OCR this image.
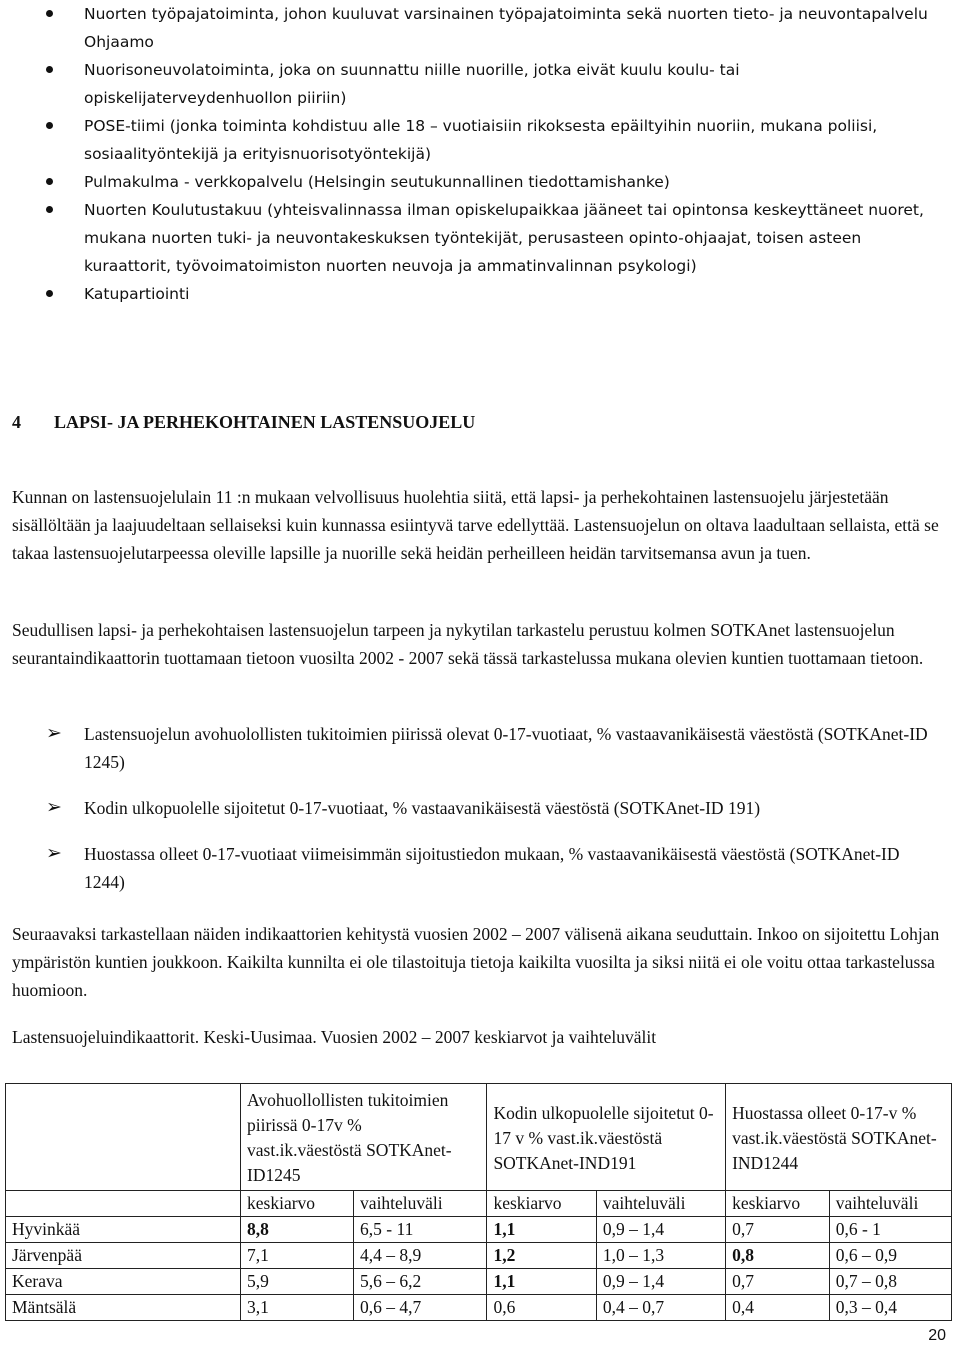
Nuorten työpajatoiminta, johon kuuluvat varsinainen työpajatoiminta sekä nuorten tieto- ja neuvontapalvelu Ohjaamo
Nuorisoneuvolatoiminta, joka on suunnattu niille nuorille, jotka eivät kuulu koulu- tai opiskelijaterveydenhuollon piiriin)
POSE-tiimi (jonka toiminta kohdistuu alle 18 – vuotiaisiin rikoksesta epäiltyihin nuoriin, mukana poliisi, sosiaalityöntekijä ja erityisnuorisotyöntekijä)
Pulmakulma - verkkopalvelu (Helsingin seutukunnallinen tiedottamishanke)
Nuorten Koulutustakuu (yhteisvalinnassa ilman opiskelupaikkaa jääneet tai opintonsa keskeyttäneet nuoret, mukana nuorten tuki- ja neuvontakeskuksen työntekijät, perusasteen opinto-ohjaajat, toisen asteen kuraattorit, työvoimatoimiston nuorten neuvoja ja ammatinvalinnan psykologi)
Katupartiointi
4 LAPSI- JA PERHEKOHTAINEN LASTENSUOJELU

Kunnan on lastensuojelulain 11 :n mukaan velvollisuus huolehtia siitä, että lapsi- ja perhekohtainen lastensuojelu järjestetään sisällöltään ja laajuudeltaan sellaiseksi kuin kunnassa esiintyvä tarve edellyttää. Lastensuojelun on oltava laadultaan sellaista, että se takaa lastensuojelutarpeessa oleville lapsille ja nuorille sekä heidän perheilleen heidän tarvitsemansa avun ja tuen.

Seudullisen lapsi- ja perhekohtaisen lastensuojelun tarpeen ja nykytilan tarkastelu perustuu kolmen SOTKAnet lastensuojelun seurantaindikaattorin tuottamaan tietoon vuosilta 2002 - 2007 sekä tässä tarkastelussa mukana olevien kuntien tuottamaan tietoon.

➢ Lastensuojelun avohuolollisten tukitoimien piirissä olevat 0-17-vuotiaat, % vastaavanikäisestä väestöstä (SOTKAnet-ID 1245)
➢ Kodin ulkopuolelle sijoitetut 0-17-vuotiaat, % vastaavanikäisestä väestöstä (SOTKAnet-ID 191)
➢ Huostassa olleet 0-17-vuotiaat viimeisimmän sijoitustiedon mukaan, % vastaavanikäisestä väestöstä (SOTKAnet-ID 1244)

Seuraavaksi tarkastellaan näiden indikaattorien kehitystä vuosien 2002 – 2007 välisenä aikana seuduttain. Inkoo on sijoitettu Lohjan ympäristön kuntien joukkoon. Kaikilta kunnilta ei ole tilastoituja tietoja kaikilta vuosilta ja siksi niitä ei ole voitu ottaa tarkastelussa huomioon.

Lastensuojeluindikaattorit. Keski-Uusimaa. Vuosien 2002 – 2007 keskiarvot ja vaihteluvälit

	Avohuollollisten tukitoimien piirissä 0-17v % vast.ik.väestöstä SOTKAnet-ID1245		Kodin ulkopuolelle sijoitetut 0-17 v % vast.ik.väestöstä SOTKAnet-IND191		Huostassa olleet 0-17-v % vast.ik.väestöstä SOTKAnet-IND1244	
	keskiarvo	vaihteluväli	keskiarvo	vaihteluväli	keskiarvo	vaihteluväli
Hyvinkää	8,8	6,5 - 11	1,1	0,9 – 1,4	0,7	0,6 - 1
Järvenpää	7,1	4,4 – 8,9	1,2	1,0 – 1,3	0,8	0,6 – 0,9
Kerava	5,9	5,6 – 6,2	1,1	0,9 – 1,4	0,7	0,7 – 0,8
Mäntsälä	3,1	0,6 – 4,7	0,6	0,4 – 0,7	0,4	0,3 – 0,4
20
